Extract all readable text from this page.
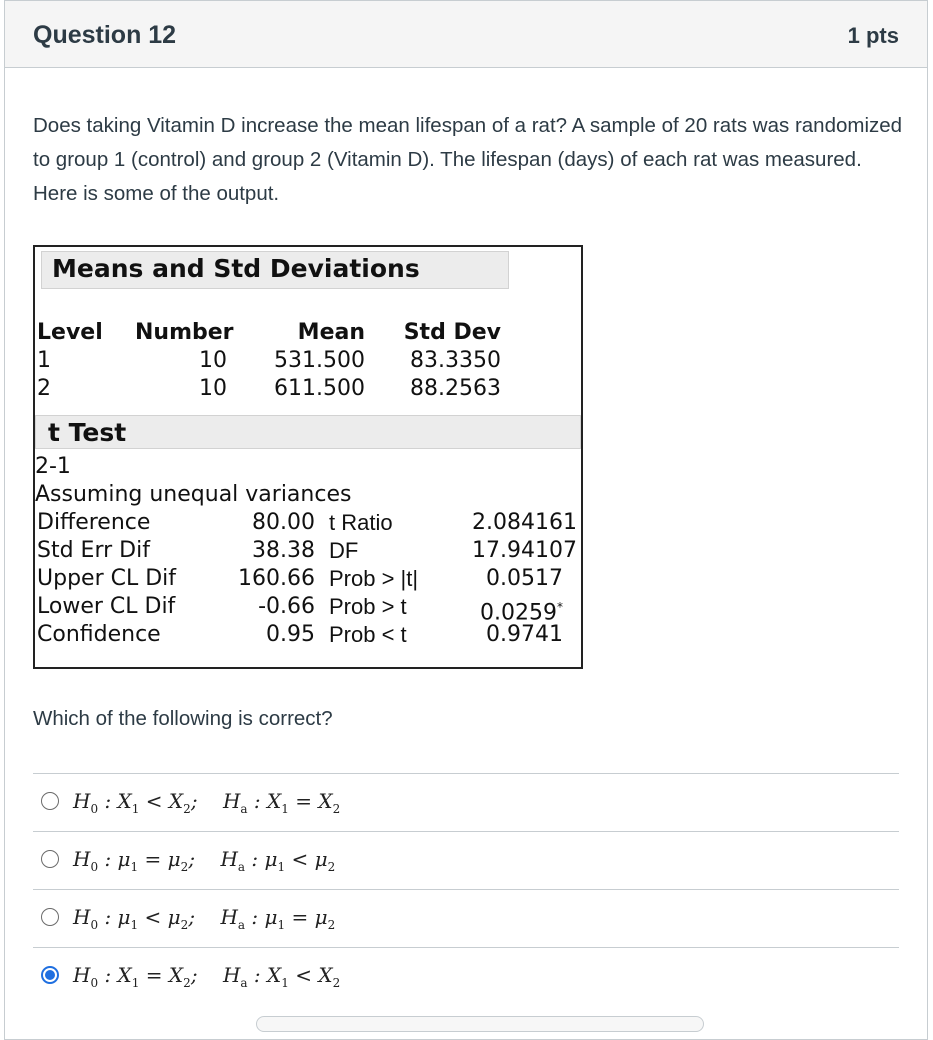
Question 12	1 pts

Does taking Vitamin D increase the mean lifespan of a rat? A sample of 20 rats was randomized to group 1 (control) and group 2 (Vitamin D). The lifespan (days) of each rat was measured. Here is some of the output.

Means and Std Deviations
Level Number	Mean	Std Dev
1	10	531.500	83.3350
2	10	611.500	88.2563
t Test
2-1
Assuming unequal variances
Difference	80.00 t Ratio	2.084161
Std Err Dif	38.38 DF	17.94107
Upper CL Dif	160.66 Prob > |t|	0.0517
Lower CL Dif	-0.66 Prob > t	0.0259*
Confidence	0.95 Prob < t	0.9741

Which of the following is correct?

$H_0$ : $X_1 < X_2$;    $H_a$ : $X_1 = X_2$
$H_0$ : $\mu_1 = \mu_2$;    $H_a$ : $\mu_1 < \mu_2$
$H_0$ : $\mu_1 < \mu_2$;    $H_a$ : $\mu_1 = \mu_2$
$H_0$ : $X_1 = X_2$;    $H_a$ : $X_1 < X_2$
